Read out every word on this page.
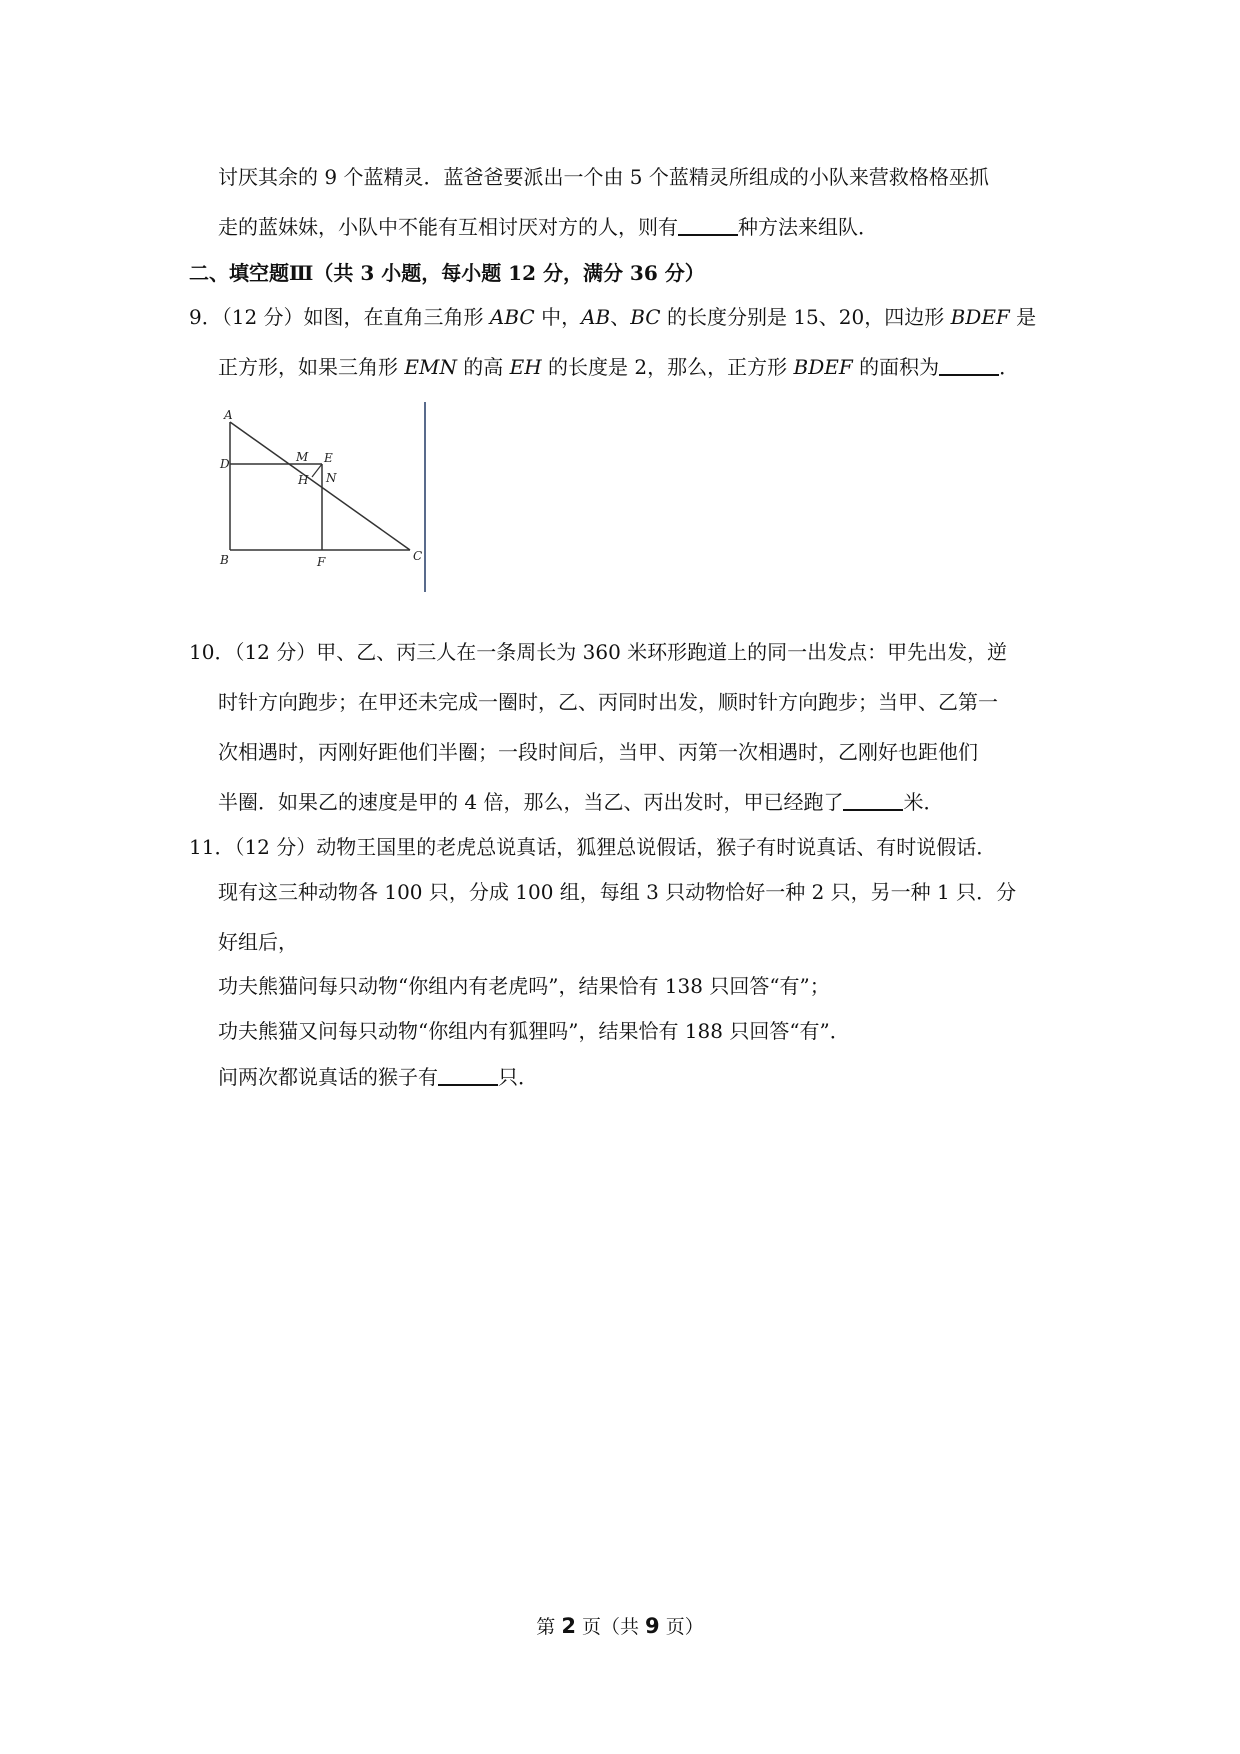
讨厌其余的 9 个蓝精灵．蓝爸爸要派出一个由 5 个蓝精灵所组成的小队来营救格格巫抓
走的蓝妹妹，小队中不能有互相讨厌对方的人，则有	种方法来组队．
二、填空题Ⅲ（共 3 小题，每小题 12 分，满分 36 分）
9．（12 分）如图，在直角三角形 ABC 中，AB、BC 的长度分别是 15、20，四边形 BDEF 是
正方形，如果三角形 EMN 的高 EH 的长度是 2，那么，正方形 BDEF 的面积为	．
A
D	M E
H N
B	F	C
10．（12 分）甲、乙、丙三人在一条周长为 360 米环形跑道上的同一出发点：甲先出发，逆
时针方向跑步；在甲还未完成一圈时，乙、丙同时出发，顺时针方向跑步；当甲、乙第一
次相遇时，丙刚好距他们半圈；一段时间后，当甲、丙第一次相遇时，乙刚好也距他们
半圈．如果乙的速度是甲的 4 倍，那么，当乙、丙出发时，甲已经跑了	米．
11．（12 分）动物王国里的老虎总说真话，狐狸总说假话，猴子有时说真话、有时说假话．
现有这三种动物各 100 只，分成 100 组，每组 3 只动物恰好一种 2 只，另一种 1 只．分
好组后，
功夫熊猫问每只动物“你组内有老虎吗”，结果恰有 138 只回答“有”；
功夫熊猫又问每只动物“你组内有狐狸吗”，结果恰有 188 只回答“有”．
问两次都说真话的猴子有	只．
第 2 页（共 9 页）
